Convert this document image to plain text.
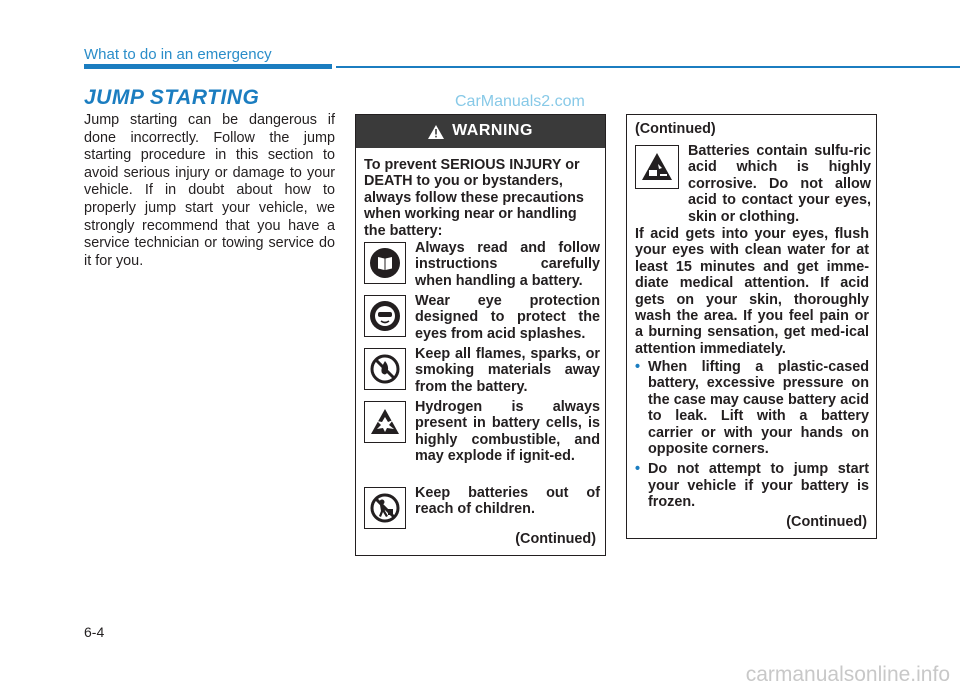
What to do in an emergency
JUMP STARTING	CarManuals2.com
Jump starting can be dangerous if done incorrectly. Follow the jump starting procedure in this section to avoid serious injury or damage to your vehicle. If in doubt about how to properly jump start your vehicle, we strongly recommend that you have a service technician or towing service do it for you.
WARNING
To prevent SERIOUS INJURY or DEATH to you or bystanders, always follow these precautions when working near or handling the battery:
Always read and follow instructions carefully when handling a battery.
Wear eye protection designed to protect the eyes from acid splashes.
Keep all flames, sparks, or smoking materials away from the battery.
Hydrogen is always present in battery cells, is highly combustible, and may explode if ignit-ed.
Keep batteries out of reach of children.
(Continued)
(Continued)
Batteries contain sulfu-ric acid which is highly corrosive. Do not allow acid to contact your eyes, skin or clothing.
If acid gets into your eyes, flush your eyes with clean water for at least 15 minutes and get imme-diate medical attention. If acid gets on your skin, thoroughly wash the area. If you feel pain or a burning sensation, get med-ical attention immediately.
• When lifting a plastic-cased battery, excessive pressure on the case may cause battery acid to leak. Lift with a battery carrier or with your hands on opposite corners.
• Do not attempt to jump start your vehicle if your battery is frozen.
(Continued)
6-4
carmanualsonline.info
